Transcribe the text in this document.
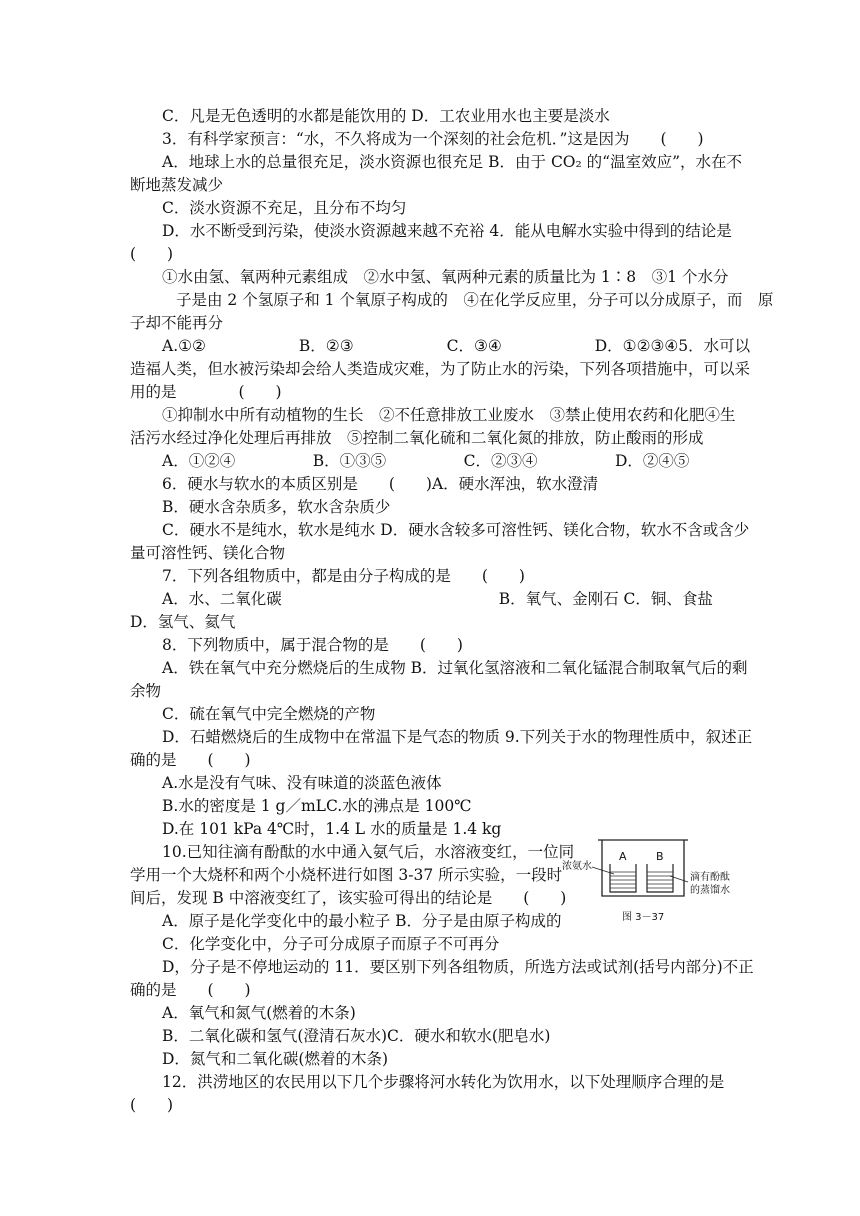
C．凡是无色透明的水都是能饮用的 D．工农业用水也主要是淡水
3．有科学家预言：“水，不久将成为一个深刻的社会危机．”这是因为　　(　　)
A．地球上水的总量很充足，淡水资源也很充足 B．由于 CO₂ 的“温室效应”，水在不
断地蒸发减少
C．淡水资源不充足，且分布不均匀
D．水不断受到污染，使淡水资源越来越不充裕 4．能从电解水实验中得到的结论是
(　　)
①水由氢、氧两种元素组成　②水中氢、氧两种元素的质量比为 1∶8　③1 个水分
子是由 2 个氢原子和 1 个氧原子构成的　④在化学反应里，分子可以分成原子，而　原
子却不能再分
A.①②　　　　　　B．②③　　　　　　C．③④　　　　　　D．①②③④5．水可以
造福人类，但水被污染却会给人类造成灾难，为了防止水的污染，下列各项措施中，可以采
用的是　　　　(　　)
①抑制水中所有动植物的生长　②不任意排放工业废水　③禁止使用农药和化肥④生
活污水经过净化处理后再排放　⑤控制二氧化硫和二氧化氮的排放，防止酸雨的形成
A．①②④　　　　　B．①③⑤　　　　　C．②③④　　　　　D．②④⑤
6．硬水与软水的本质区别是　　(　　)A．硬水浑浊，软水澄清
B．硬水含杂质多，软水含杂质少
C．硬水不是纯水，软水是纯水 D．硬水含较多可溶性钙、镁化合物，软水不含或含少
量可溶性钙、镁化合物
7．下列各组物质中，都是由分子构成的是　　(　　)
A．水、二氧化碳　　　　　　　　　　　　　　B．氧气、金刚石 C．铜、食盐
D．氢气、氦气
8．下列物质中，属于混合物的是　　(　　)
A．铁在氧气中充分燃烧后的生成物 B．过氧化氢溶液和二氧化锰混合制取氧气后的剩
余物
C．硫在氧气中完全燃烧的产物
D．石蜡燃烧后的生成物中在常温下是气态的物质 9.下列关于水的物理性质中，叙述正
确的是　　(　　)
A.水是没有气味、没有味道的淡蓝色液体
B.水的密度是 1 g／mLC.水的沸点是 100℃
D.在 101 kPa 4℃时，1.4 L 水的质量是 1.4 kg
10.已知往滴有酚酞的水中通入氨气后，水溶液变红，一位同
学用一个大烧杯和两个小烧杯进行如图 3-37 所示实验，一段时
间后，发现 B 中溶液变红了，该实验可得出的结论是　　(　　)
A．原子是化学变化中的最小粒子 B．分子是由原子构成的
C．化学变化中，分子可分成原子而原子不可再分
D，分子是不停地运动的 11．要区别下列各组物质，所选方法或试剂(括号内部分)不正
确的是　　(　　)
A．氧气和氮气(燃着的木条)
B．二氧化碳和氢气(澄清石灰水)C．硬水和软水(肥皂水)
D．氮气和二氧化碳(燃着的木条)
12．洪涝地区的农民用以下几个步骤将河水转化为饮用水，以下处理顺序合理的是
(　　)
浓氨水
A	B
滴有酚酞
的蒸馏水
图 3－37
